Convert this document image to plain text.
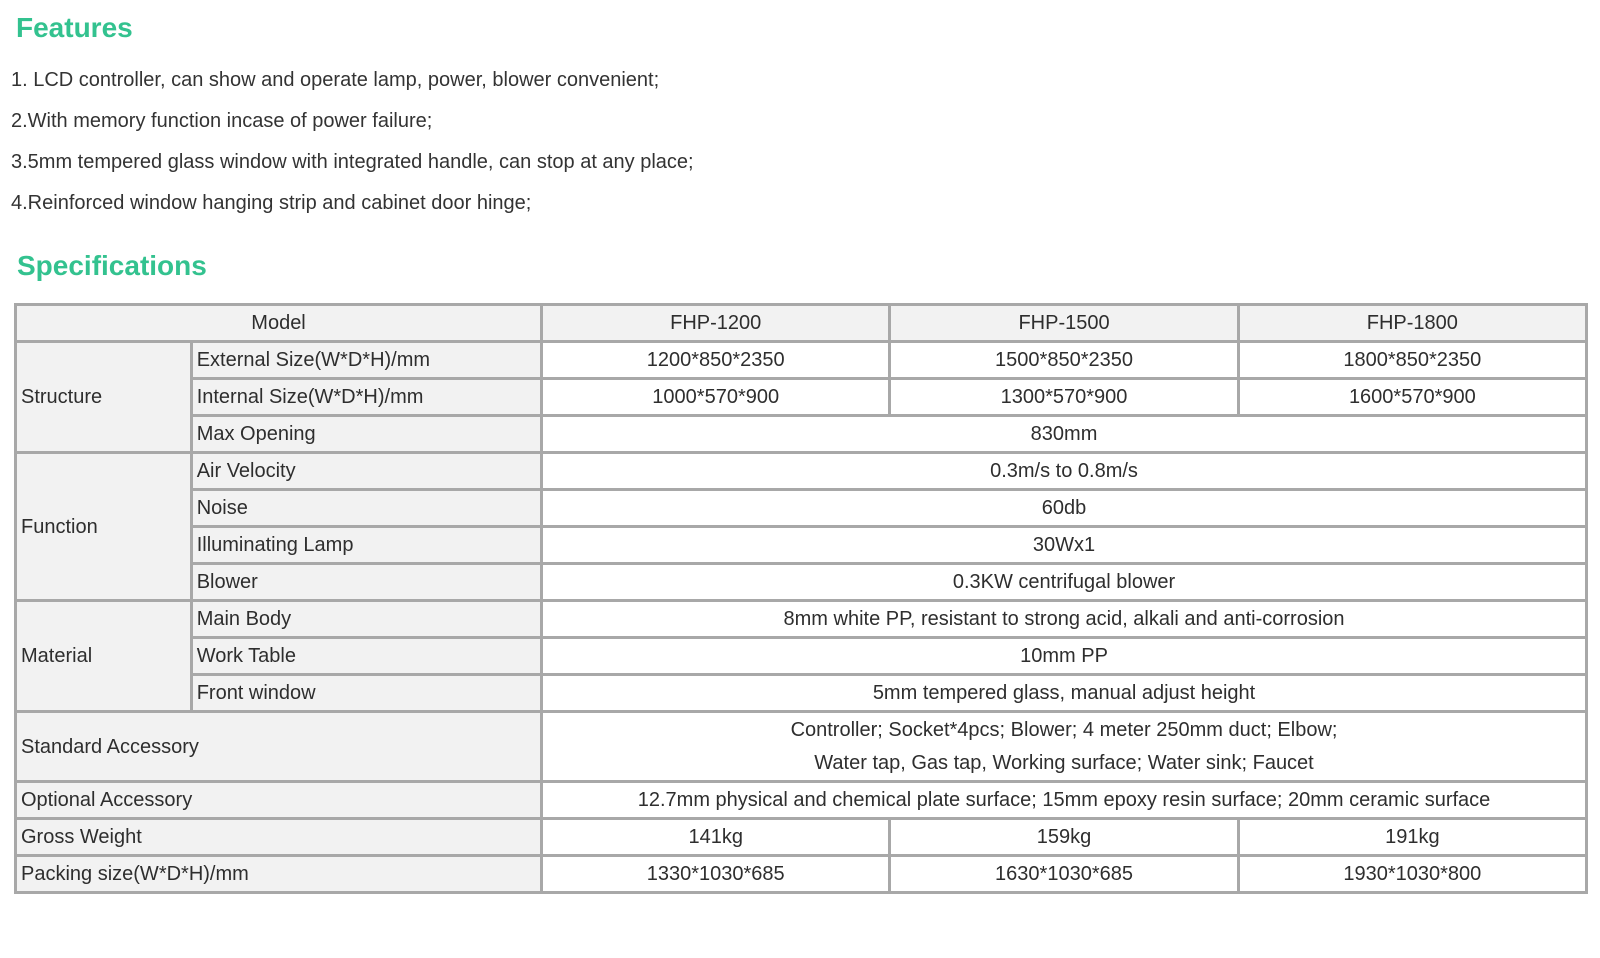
Features
1. LCD controller, can show and operate lamp, power, blower convenient;
2.With memory function incase of power failure;
3.5mm tempered glass window with integrated handle, can stop at any place;
4.Reinforced window hanging strip and cabinet door hinge;
Specifications
Model		FHP-1200	FHP-1500	FHP-1800
Structure	External Size(W*D*H)/mm	1200*850*2350	1500*850*2350	1800*850*2350
	Internal Size(W*D*H)/mm	1000*570*900	1300*570*900	1600*570*900
	Max Opening	830mm		
Function	Air Velocity	0.3m/s to 0.8m/s		
	Noise	60db		
	Illuminating Lamp	30Wx1		
	Blower	0.3KW centrifugal blower		
Material	Main Body	8mm white PP, resistant to strong acid, alkali and anti-corrosion		
	Work Table	10mm PP		
	Front window	5mm tempered glass, manual adjust height		
Standard Accessory		Controller; Socket*4pcs; Blower; 4 meter 250mm duct; Elbow;
Water tap, Gas tap, Working surface; Water sink; Faucet		

Optional Accessory		12.7mm physical and chemical plate surface; 15mm epoxy resin surface; 20mm ceramic surface		
Gross Weight		141kg	159kg	191kg
Packing size(W*D*H)/mm		1330*1030*685	1630*1030*685	1930*1030*800
